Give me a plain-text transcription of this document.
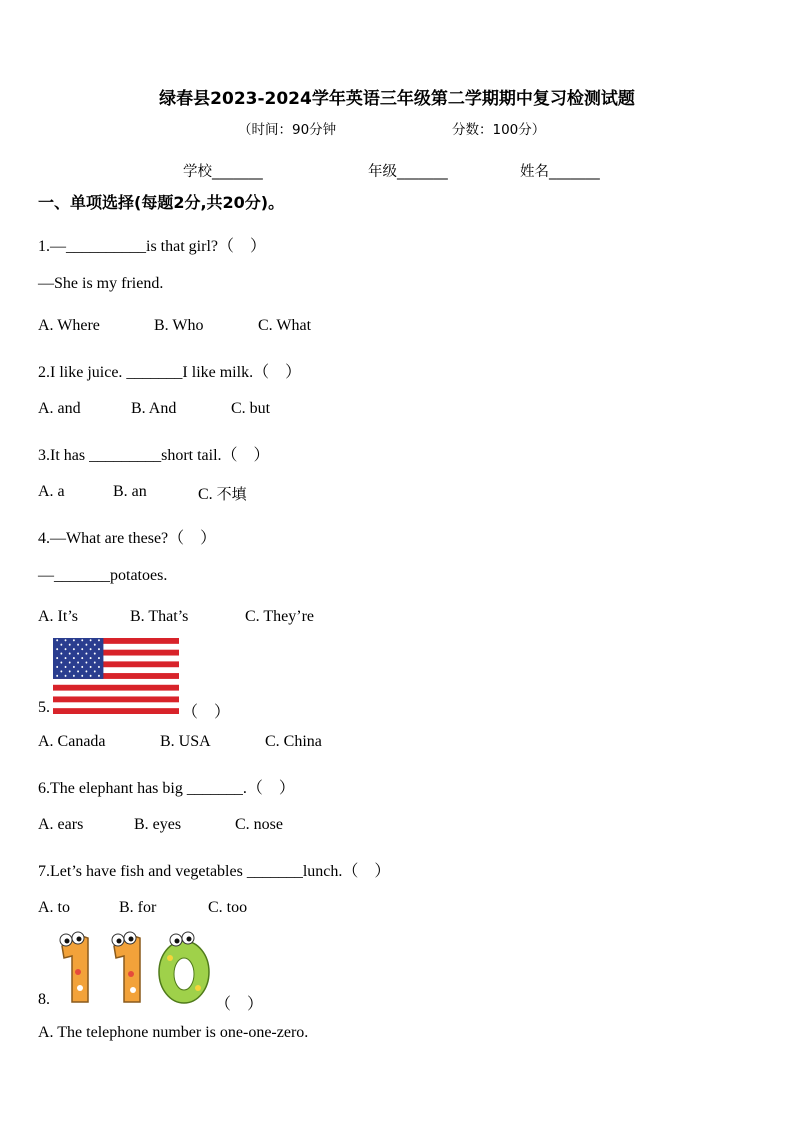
绿春县2023-2024学年英语三年级第二学期期中复习检测试题
（时间：90分钟	分数：100分）
学校_______	年级_______	姓名_______
一、单项选择(每题2分,共20分)。
1.—__________is that girl?（　）
—She is my friend.
A. Where	B. Who	C. What
2.I like juice. _______I like milk.（　）
A. and	B. And	C. but
3.It has _________short tail.（　）
A. a	B. an	C. 不填
4.—What are these?（　）
—_______potatoes.
A. It’s	B. That’s	C. They’re
5.	（　）
A. Canada	B. USA	C. China
6.The elephant has big _______.（　）
A. ears	B. eyes	C. nose
7.Let’s have fish and vegetables _______lunch.（　）
A. to	B. for	C. too
8.	（　）
A. The telephone number is one-one-zero.
